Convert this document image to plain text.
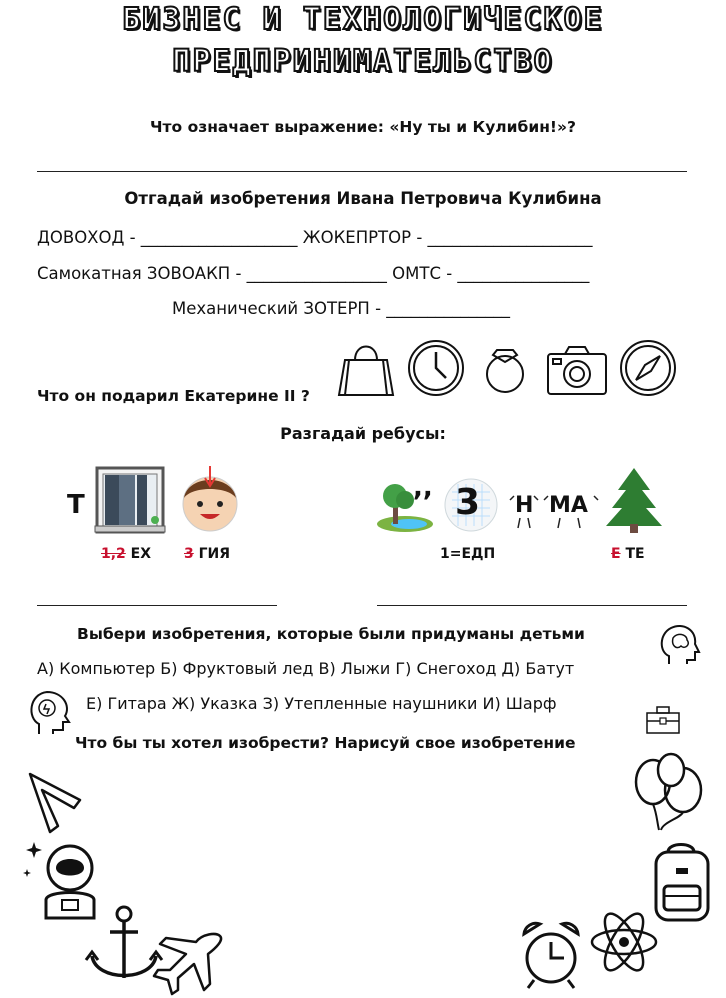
БИЗНЕС И ТЕХНОЛОГИЧЕСКОЕ
ПРЕДПРИНИМАТЕЛЬСТВО
Что означает выражение: «Ну ты и Кулибин!»?
Отгадай изобретения Ивана Петровича Кулибина
ДОВОХОД - ___________________ ЖОКЕПРТОР - ____________________
Самокатная ЗОВОАКП - _________________ ОМТС - ________________
Механический ЗОТЕРП - _______________
Что он подарил Екатерине II ?
Разгадай ребусы:
Т
1,2 ЕХ 3 ГИЯ
,, 3 Н МА
1=ЕДП	Е ТЕ
Выбери изобретения, которые были придуманы детьми
А) Компьютер Б) Фруктовый лед В) Лыжи Г) Снегоход Д) Батут
Е) Гитара Ж) Указка З) Утепленные наушники И) Шарф
Что бы ты хотел изобрести? Нарисуй свое изобретение
